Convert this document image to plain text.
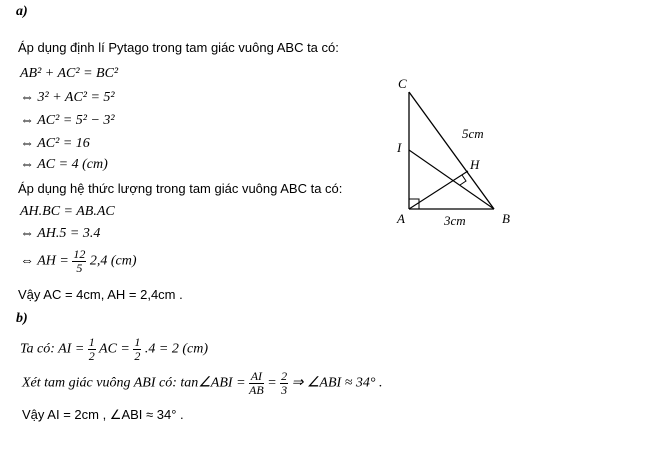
a)
Áp dụng định lí Pytago trong tam giác vuông ABC ta có:
AB² + AC² = BC²
⇔ 3² + AC² = 5²
⇔ AC² = 5² − 3²
⇔ AC² = 16
⇔ AC = 4 (cm)
Áp dụng hệ thức lượng trong tam giác vuông ABC ta có:
AH.BC = AB.AC
⇔ AH.5 = 3.4
⇔ AH = $\frac{12}{5} 2,4$ (cm)
Vậy AC = 4cm, AH = 2,4cm .
b)
Ta có: AI = $\frac{1}{2}$ AC = $\frac{1}{2} .4 = 2$ (cm)
Xét tam giác vuông ABI có: tan∠ABI = $\frac{AI}{AB} = \frac{2}{3}$ ⇒ ∠ABI ≈ 34° .
Vậy AI = 2cm , ∠ABI ≈ 34° .
C
I
H
A	B
5cm
3cm
